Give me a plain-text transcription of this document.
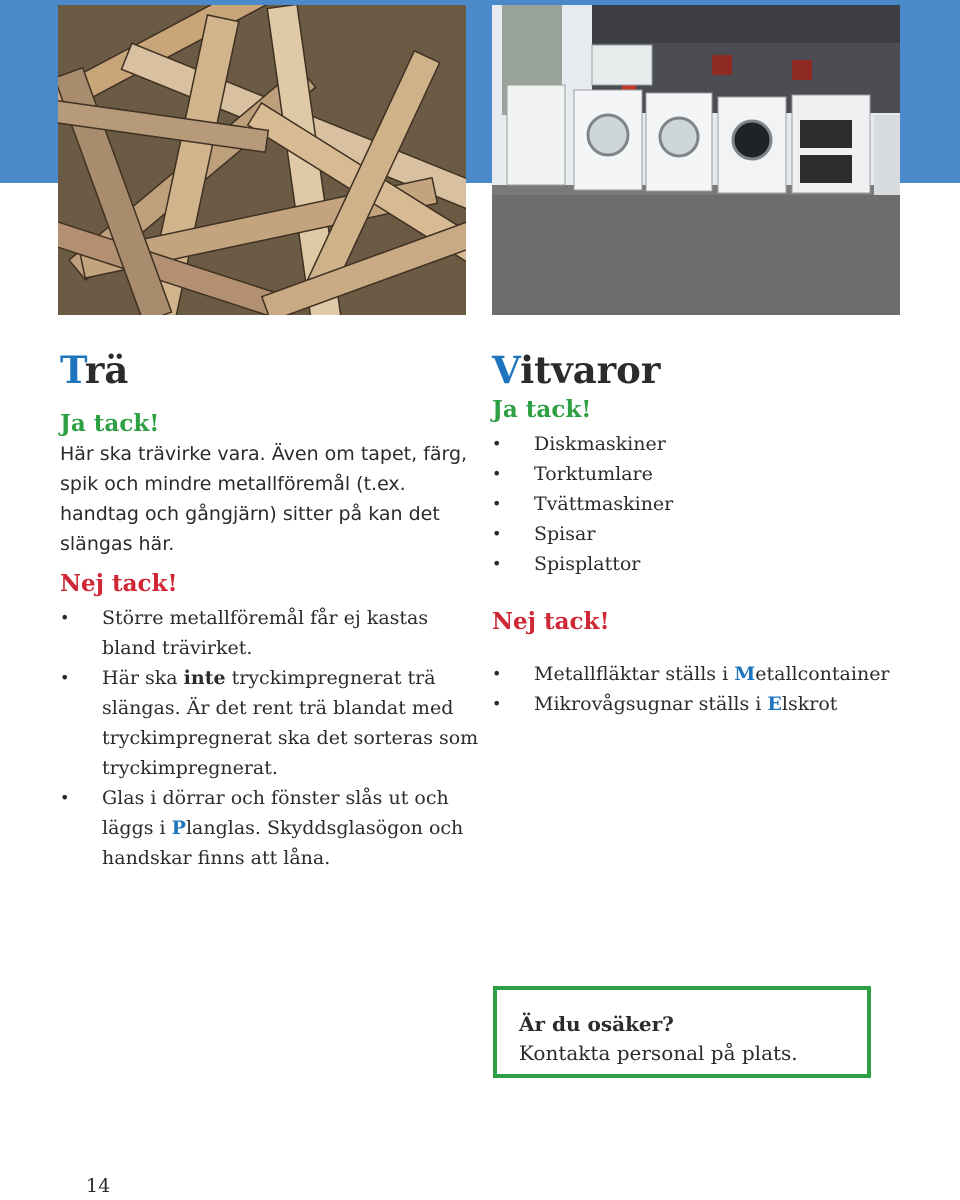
Trä

Ja tack!

Här ska trävirke vara. Även om tapet, färg, spik och mindre metallföremål (t.ex. handtag och gångjärn) sitter på kan det slängas här.

Nej tack!

• Större metallföremål får ej kastas bland trävirket.
• Här ska inte tryckimpregnerat trä slängas. Är det rent trä blandat med tryckimpregnerat ska det sorteras som tryckimpregnerat.
• Glas i dörrar och fönster slås ut och läggs i Planglas. Skyddsglasögon och handskar finns att låna.
Vitvaror

Ja tack!

• Diskmaskiner
• Torktumlare
• Tvättmaskiner
• Spisar
• Spisplattor

Nej tack!

• Metallfläktar ställs i Metallcontainer
• Mikrovågsugnar ställs i Elskrot
Är du osäker?
Kontakta personal på plats.
14
